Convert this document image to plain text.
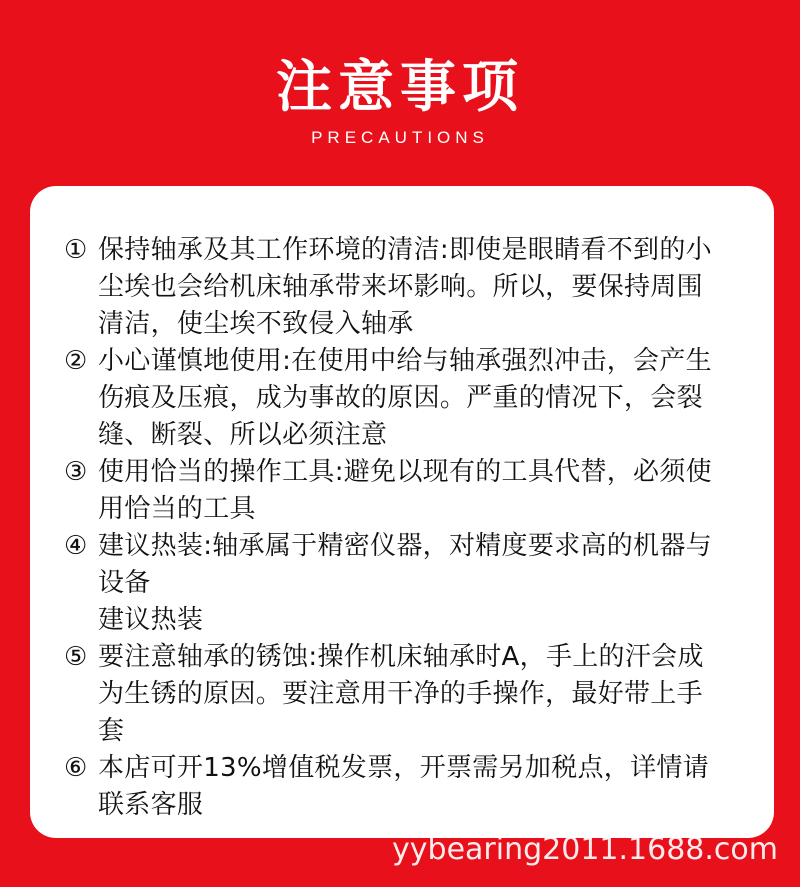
注意事项
PRECAUTIONS
① 保持轴承及其工作环境的清洁:即使是眼睛看不到的小
尘埃也会给机床轴承带来坏影响。所以，要保持周围
清洁，使尘埃不致侵入轴承
② 小心谨慎地使用:在使用中给与轴承强烈冲击，会产生
伤痕及压痕，成为事故的原因。严重的情况下，会裂
缝、断裂、所以必须注意
③ 使用恰当的操作工具:避免以现有的工具代替，必须使
用恰当的工具
④ 建议热装:轴承属于精密仪器，对精度要求高的机器与
设备
建议热装
⑤ 要注意轴承的锈蚀:操作机床轴承时A，手上的汗会成
为生锈的原因。要注意用干净的手操作，最好带上手
套
⑥ 本店可开13%增值税发票，开票需另加税点，详情请
联系客服
yybearing2011.1688.com
